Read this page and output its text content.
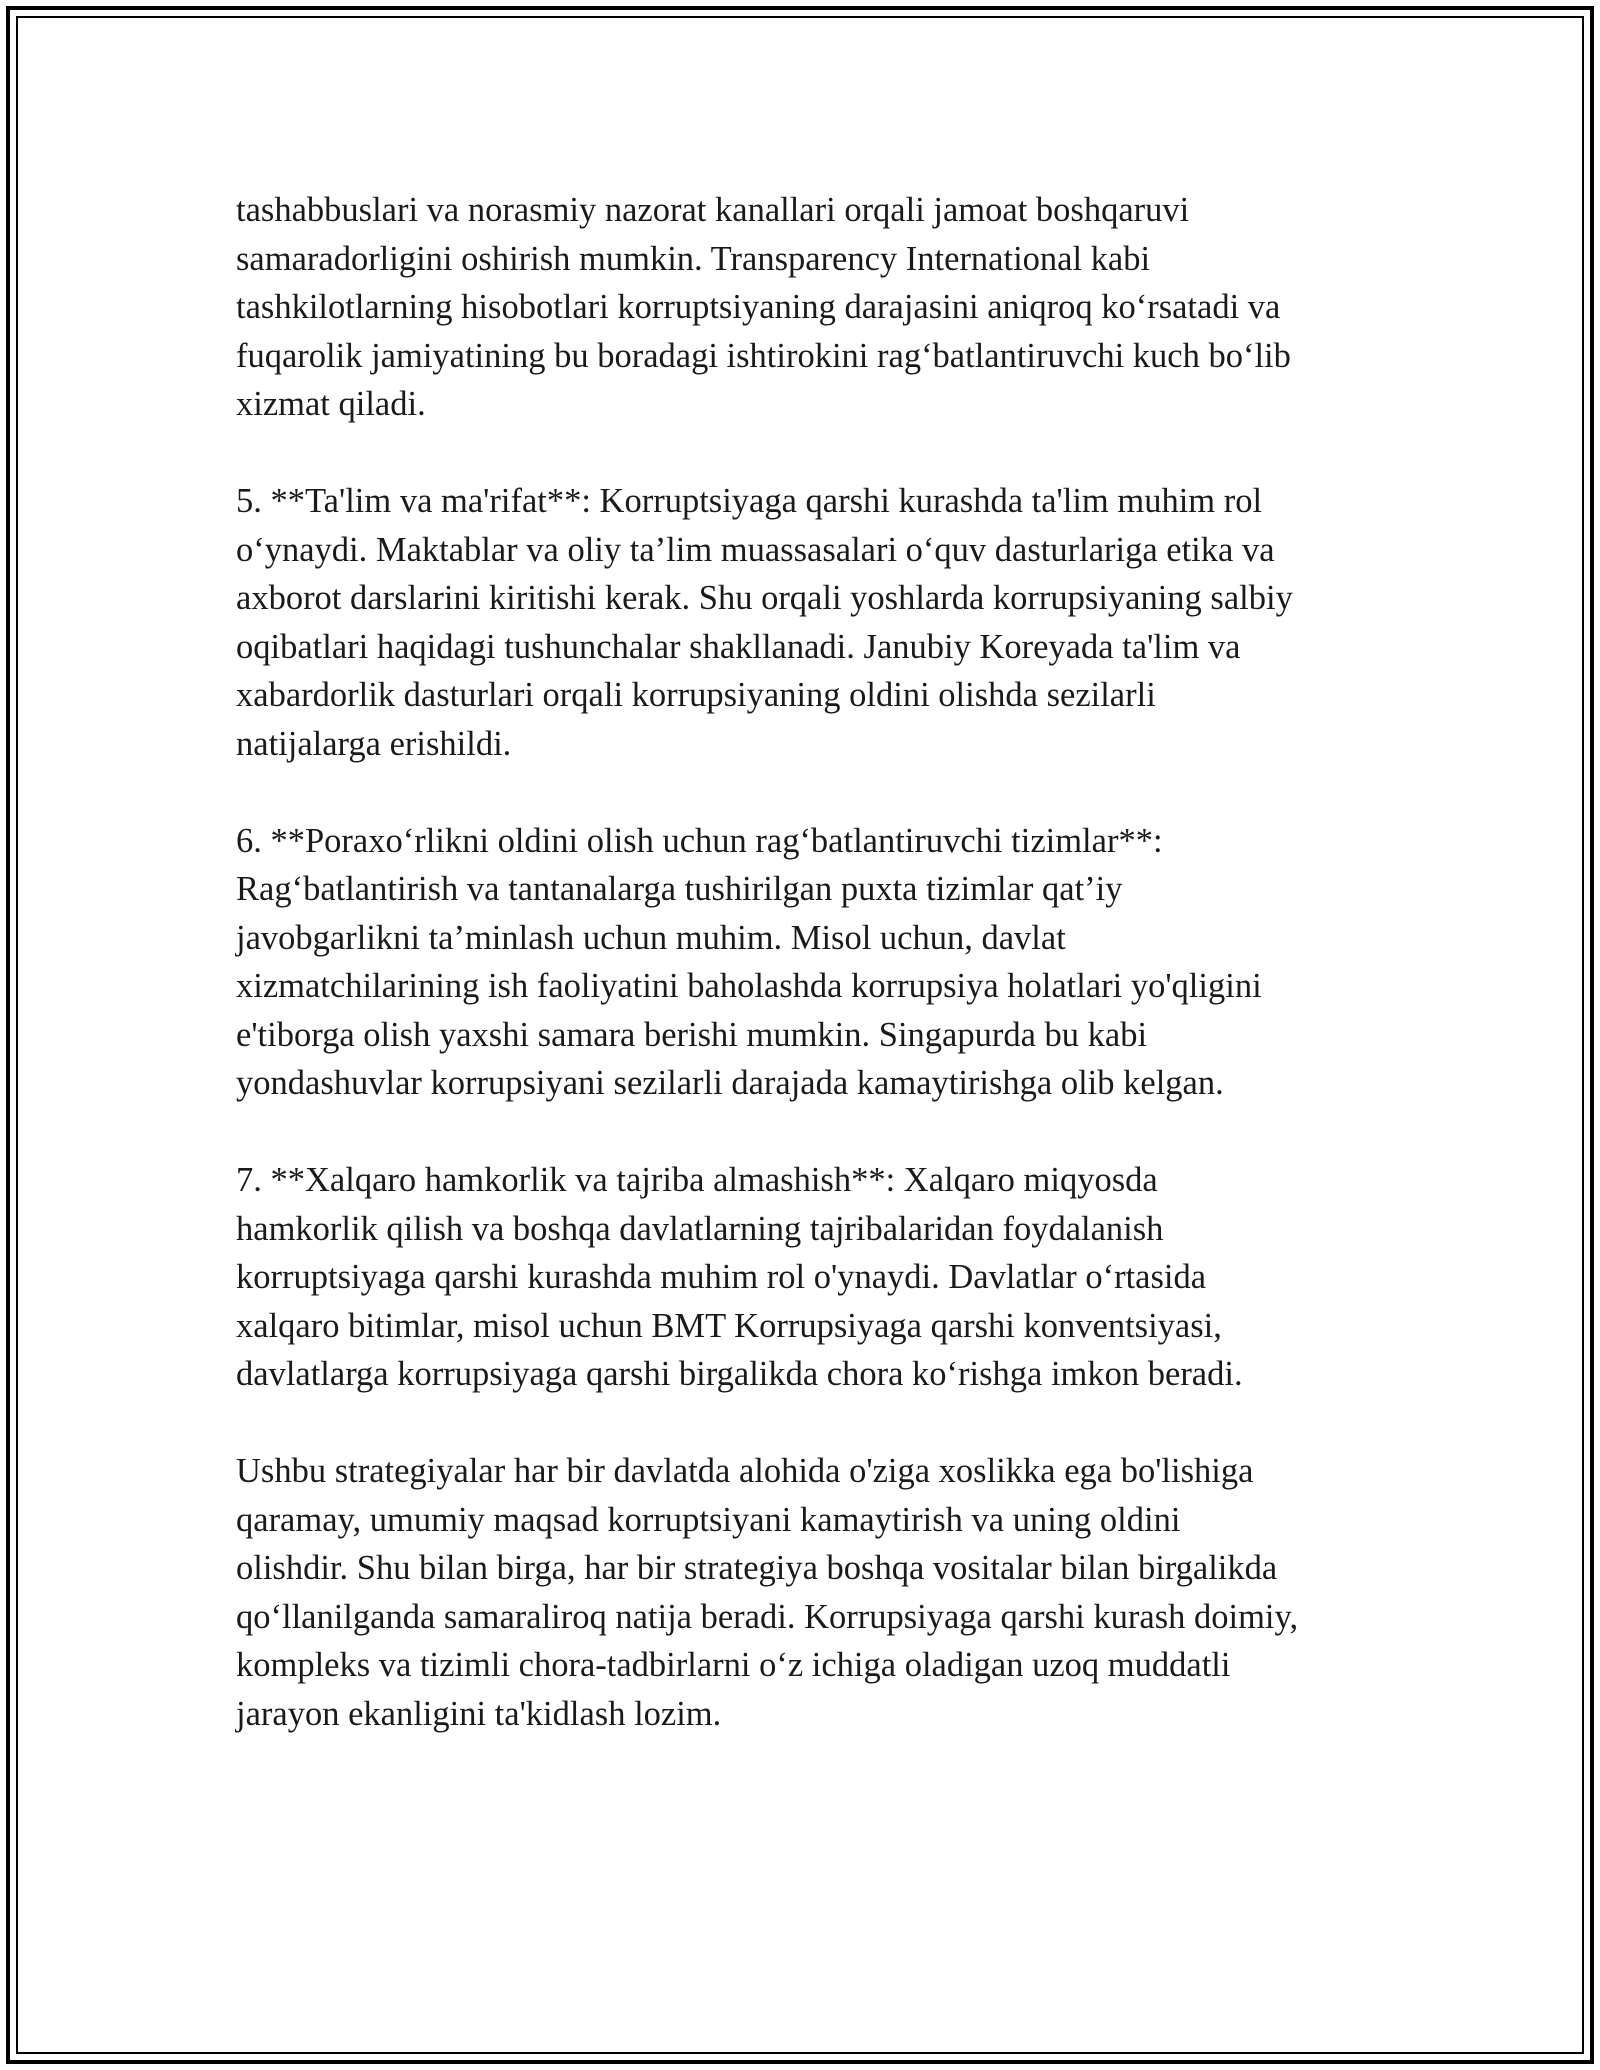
tashabbuslari va norasmiy nazorat kanallari orqali jamoat boshqaruvi
samaradorligini oshirish mumkin. Transparency International kabi
tashkilotlarning hisobotlari korruptsiyaning darajasini aniqroq ko‘rsatadi va
fuqarolik jamiyatining bu boradagi ishtirokini rag‘batlantiruvchi kuch bo‘lib
xizmat qiladi.

5. **Ta'lim va ma'rifat**: Korruptsiyaga qarshi kurashda ta'lim muhim rol
o‘ynaydi. Maktablar va oliy ta’lim muassasalari o‘quv dasturlariga etika va
axborot darslarini kiritishi kerak. Shu orqali yoshlarda korrupsiyaning salbiy
oqibatlari haqidagi tushunchalar shakllanadi. Janubiy Koreyada ta'lim va
xabardorlik dasturlari orqali korrupsiyaning oldini olishda sezilarli
natijalarga erishildi.

6. **Poraxo‘rlikni oldini olish uchun rag‘batlantiruvchi tizimlar**:
Rag‘batlantirish va tantanalarga tushirilgan puxta tizimlar qat’iy
javobgarlikni ta’minlash uchun muhim. Misol uchun, davlat
xizmatchilarining ish faoliyatini baholashda korrupsiya holatlari yo'qligini
e'tiborga olish yaxshi samara berishi mumkin. Singapurda bu kabi
yondashuvlar korrupsiyani sezilarli darajada kamaytirishga olib kelgan.

7. **Xalqaro hamkorlik va tajriba almashish**: Xalqaro miqyosda
hamkorlik qilish va boshqa davlatlarning tajribalaridan foydalanish
korruptsiyaga qarshi kurashda muhim rol o'ynaydi. Davlatlar o‘rtasida
xalqaro bitimlar, misol uchun BMT Korrupsiyaga qarshi konventsiyasi,
davlatlarga korrupsiyaga qarshi birgalikda chora ko‘rishga imkon beradi.

Ushbu strategiyalar har bir davlatda alohida o'ziga xoslikka ega bo'lishiga
qaramay, umumiy maqsad korruptsiyani kamaytirish va uning oldini
olishdir. Shu bilan birga, har bir strategiya boshqa vositalar bilan birgalikda
qo‘llanilganda samaraliroq natija beradi. Korrupsiyaga qarshi kurash doimiy,
kompleks va tizimli chora-tadbirlarni o‘z ichiga oladigan uzoq muddatli
jarayon ekanligini ta'kidlash lozim.
